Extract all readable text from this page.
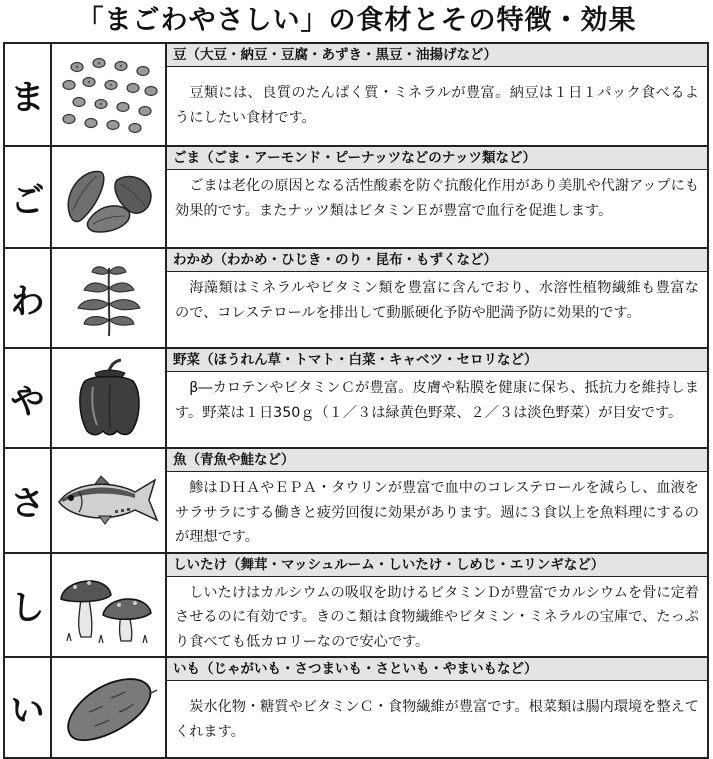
「まごわやさしい」の食材とその特徴・効果
ま		豆（大豆・納豆・豆腐・あずき・黒豆・油揚げなど）
豆類には、良質のたんぱく質・ミネラルが豊富。納豆は１日１パック食べるようにしたい食材です。

ご		ごま（ごま・アーモンド・ピーナッツなどのナッツ類など）
ごまは老化の原因となる活性酸素を防ぐ抗酸化作用があり美肌や代謝アップにも効果的です。またナッツ類はビタミンＥが豊富で血行を促進します。

わ		わかめ（わかめ・ひじき・のり・昆布・もずくなど）
海藻類はミネラルやビタミン類を豊富に含んでおり、水溶性植物繊維も豊富なので、コレステロールを排出して動脈硬化予防や肥満予防に効果的です。

や		野菜（ほうれん草・トマト・白菜・キャベツ・セロリなど）
β―カロテンやビタミンＣが豊富。皮膚や粘膜を健康に保ち、抵抗力を維持します。野菜は１日350ｇ（１／３は緑黄色野菜、２／３は淡色野菜）が目安です。

さ		魚（青魚や鮭など）
鯵はＤＨＡやＥＰＡ・タウリンが豊富で血中のコレステロールを減らし、血液をサラサラにする働きと疲労回復に効果があります。週に３食以上を魚料理にするのが理想です。

し		しいたけ（舞茸・マッシュルーム・しいたけ・しめじ・エリンギなど）
しいたけはカルシウムの吸収を助けるビタミンＤが豊富でカルシウムを骨に定着させるのに有効です。きのこ類は食物繊維やビタミン・ミネラルの宝庫で、たっぷり食べても低カロリーなので安心です。

い		いも（じゃがいも・さつまいも・さといも・やまいもなど）
炭水化物・糖質やビタミンＣ・食物繊維が豊富です。根菜類は腸内環境を整えてくれます。
